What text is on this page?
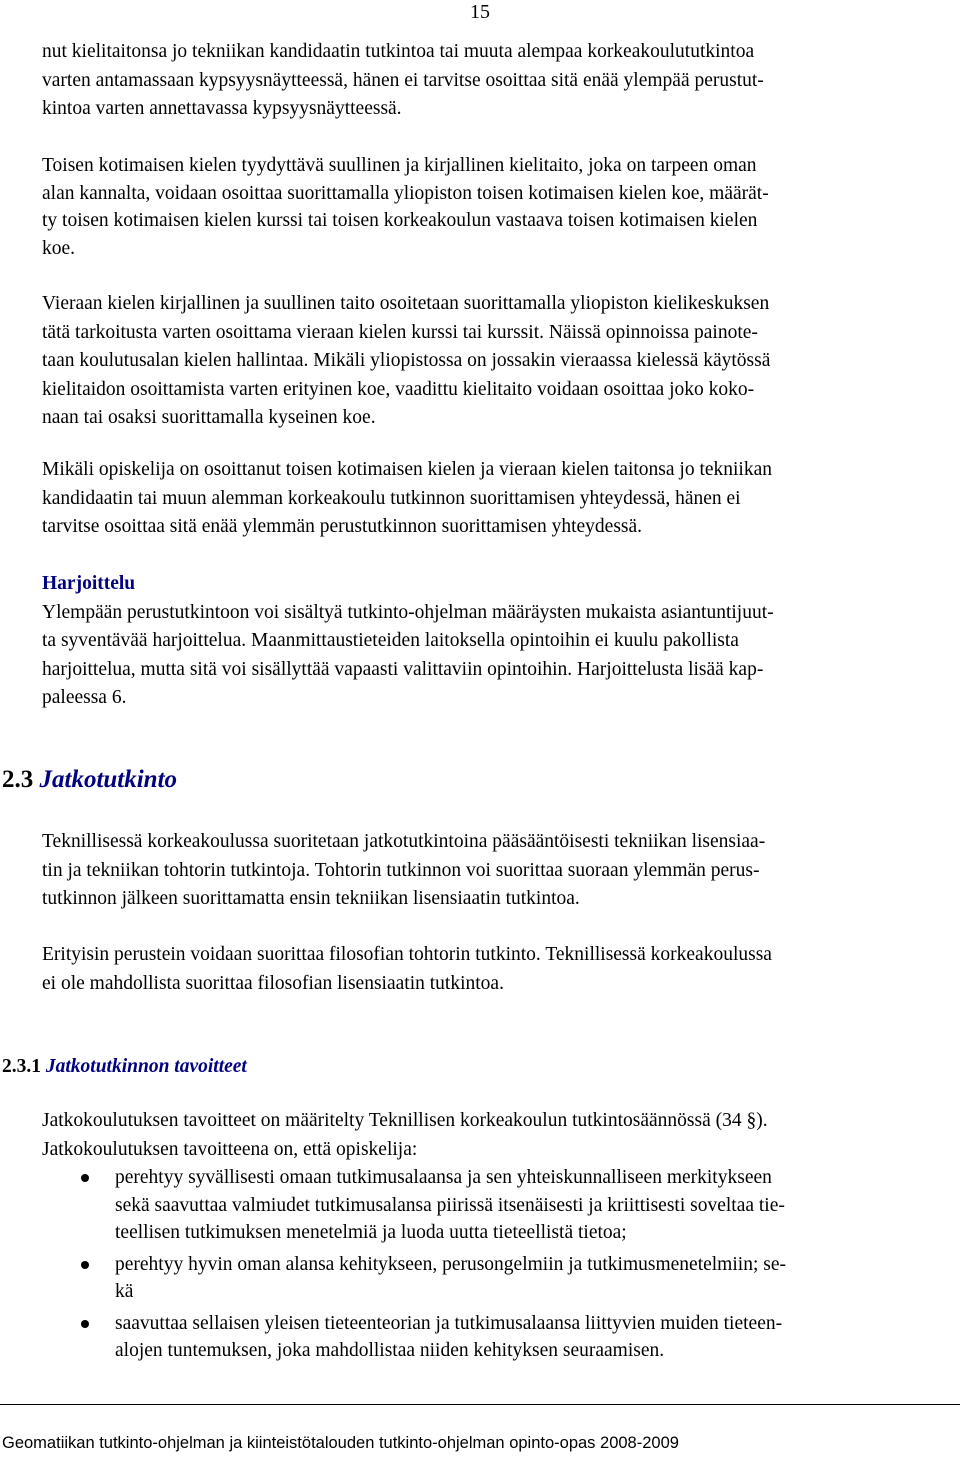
15

nut kielitaitonsa jo tekniikan kandidaatin tutkintoa tai muuta alempaa korkeakoulututkintoa
varten antamassaan kypsyysnäytteessä, hänen ei tarvitse osoittaa sitä enää ylempää perustut-
kintoa varten annettavassa kypsyysnäytteessä.

Toisen kotimaisen kielen tyydyttävä suullinen ja kirjallinen kielitaito, joka on tarpeen oman
alan kannalta, voidaan osoittaa suorittamalla yliopiston toisen kotimaisen kielen koe, määrät-
ty toisen kotimaisen kielen kurssi tai toisen korkeakoulun vastaava toisen kotimaisen kielen
koe.

Vieraan kielen kirjallinen ja suullinen taito osoitetaan suorittamalla yliopiston kielikeskuksen
tätä tarkoitusta varten osoittama vieraan kielen kurssi tai kurssit. Näissä opinnoissa painote-
taan koulutusalan kielen hallintaa. Mikäli yliopistossa on jossakin vieraassa kielessä käytössä
kielitaidon osoittamista varten erityinen koe, vaadittu kielitaito voidaan osoittaa joko koko-
naan tai osaksi suorittamalla kyseinen koe.

Mikäli opiskelija on osoittanut toisen kotimaisen kielen ja vieraan kielen taitonsa jo tekniikan
kandidaatin tai muun alemman korkeakoulu tutkinnon suorittamisen yhteydessä, hänen ei
tarvitse osoittaa sitä enää ylemmän perustutkinnon suorittamisen yhteydessä.

Harjoittelu
Ylempään perustutkintoon voi sisältyä tutkinto-ohjelman määräysten mukaista asiantuntijuut-
ta syventävää harjoittelua. Maanmittaustieteiden laitoksella opintoihin ei kuulu pakollista
harjoittelua, mutta sitä voi sisällyttää vapaasti valittaviin opintoihin. Harjoittelusta lisää kap-
paleessa 6.

2.3 Jatkotutkinto

Teknillisessä korkeakoulussa suoritetaan jatkotutkintoina pääsääntöisesti tekniikan lisensiaa-
tin ja tekniikan tohtorin tutkintoja. Tohtorin tutkinnon voi suorittaa suoraan ylemmän perus-
tutkinnon jälkeen suorittamatta ensin tekniikan lisensiaatin tutkintoa.

Erityisin perustein voidaan suorittaa filosofian tohtorin tutkinto. Teknillisessä korkeakoulussa
ei ole mahdollista suorittaa filosofian lisensiaatin tutkintoa.

2.3.1 Jatkotutkinnon tavoitteet

Jatkokoulutuksen tavoitteet on määritelty Teknillisen korkeakoulun tutkintosäännössä (34 §).
Jatkokoulutuksen tavoitteena on, että opiskelija:

perehtyy syvällisesti omaan tutkimusalaansa ja sen yhteiskunnalliseen merkitykseen
sekä saavuttaa valmiudet tutkimusalansa piirissä itsenäisesti ja kriittisesti soveltaa tie-
teellisen tutkimuksen menetelmiä ja luoda uutta tieteellistä tietoa;
perehtyy hyvin oman alansa kehitykseen, perusongelmiin ja tutkimusmenetelmiin; se-
kä
saavuttaa sellaisen yleisen tieteenteorian ja tutkimusalaansa liittyvien muiden tieteen-
alojen tuntemuksen, joka mahdollistaa niiden kehityksen seuraamisen.
Geomatiikan tutkinto-ohjelman ja kiinteistötalouden tutkinto-ohjelman opinto-opas 2008-2009
